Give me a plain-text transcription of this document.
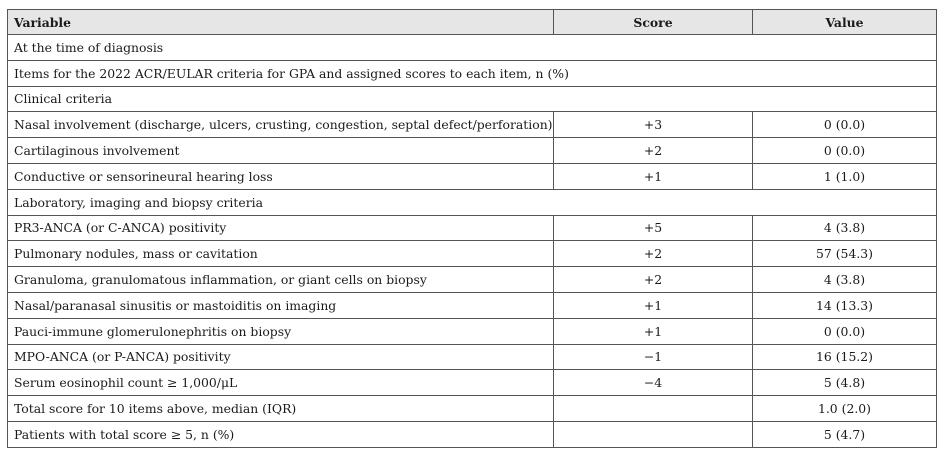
Variable	Score	Value
At the time of diagnosis		
Items for the 2022 ACR/EULAR criteria for GPA and assigned scores to each item, n (%)		
Clinical criteria		
Nasal involvement (discharge, ulcers, crusting, congestion, septal defect/perforation)	+3	0 (0.0)
Cartilaginous involvement	+2	0 (0.0)
Conductive or sensorineural hearing loss	+1	1 (1.0)
Laboratory, imaging and biopsy criteria		
PR3-ANCA (or C-ANCA) positivity	+5	4 (3.8)
Pulmonary nodules, mass or cavitation	+2	57 (54.3)
Granuloma, granulomatous inflammation, or giant cells on biopsy	+2	4 (3.8)
Nasal/paranasal sinusitis or mastoiditis on imaging	+1	14 (13.3)
Pauci-immune glomerulonephritis on biopsy	+1	0 (0.0)
MPO-ANCA (or P-ANCA) positivity	−1	16 (15.2)
Serum eosinophil count ≥ 1,000/μL	−4	5 (4.8)
Total score for 10 items above, median (IQR)		1.0 (2.0)
Patients with total score ≥ 5, n (%)		5 (4.7)
